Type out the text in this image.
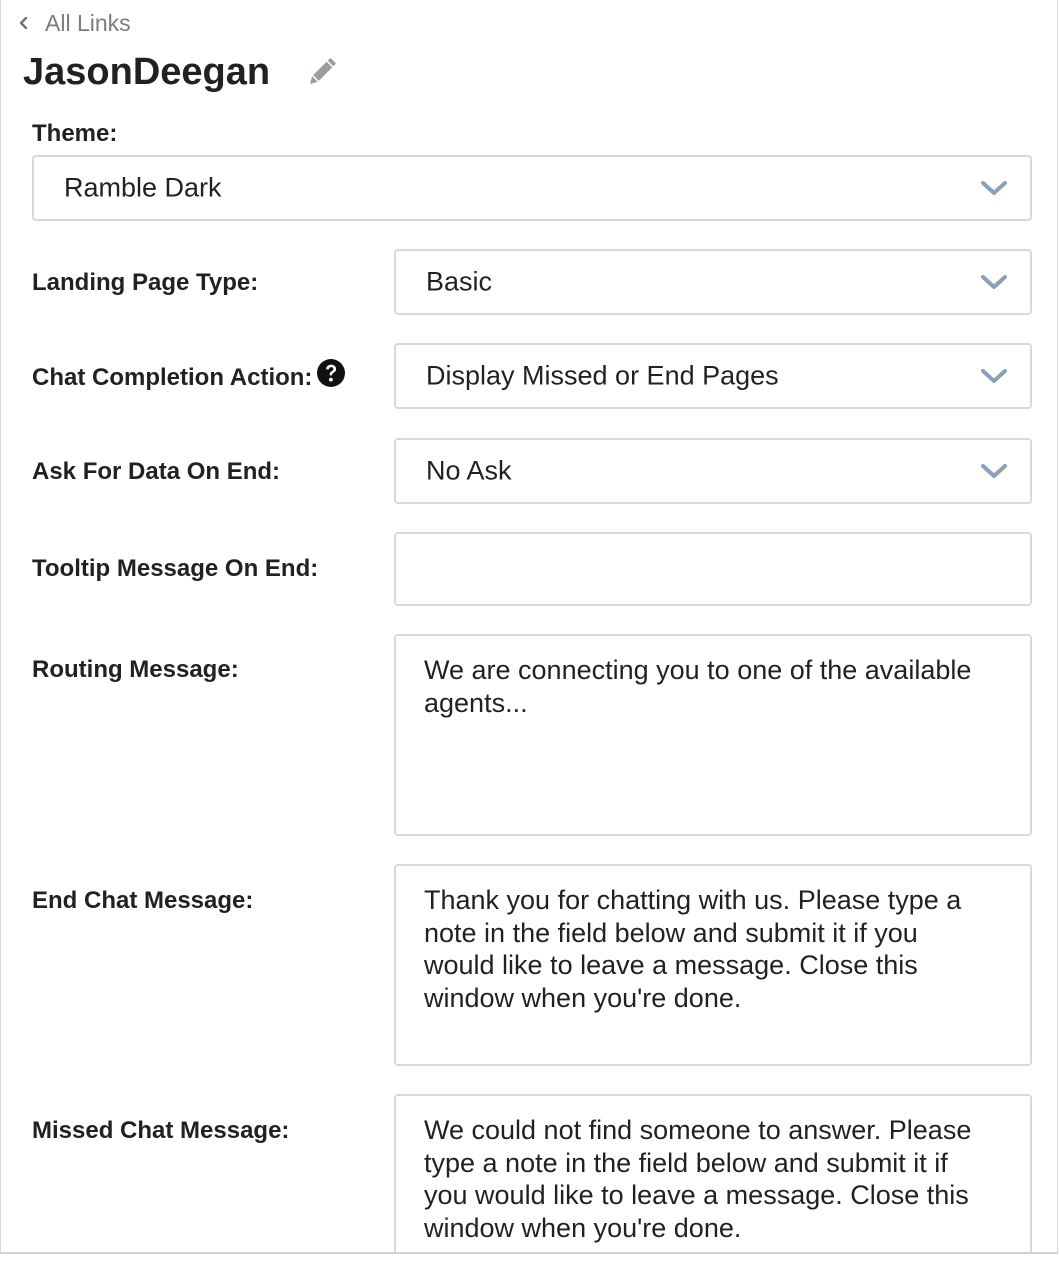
All Links
JasonDeegan
Theme:
Ramble Dark
Landing Page Type:	Basic
Chat Completion Action:	Display Missed or End Pages
Ask For Data On End:	No Ask
Tooltip Message On End:
Routing Message:	We are connecting you to one of the available agents...
End Chat Message:	Thank you for chatting with us. Please type a note in the field below and submit it if you would like to leave a message. Close this window when you're done.
Missed Chat Message:	We could not find someone to answer. Please type a note in the field below and submit it if you would like to leave a message. Close this window when you're done.
